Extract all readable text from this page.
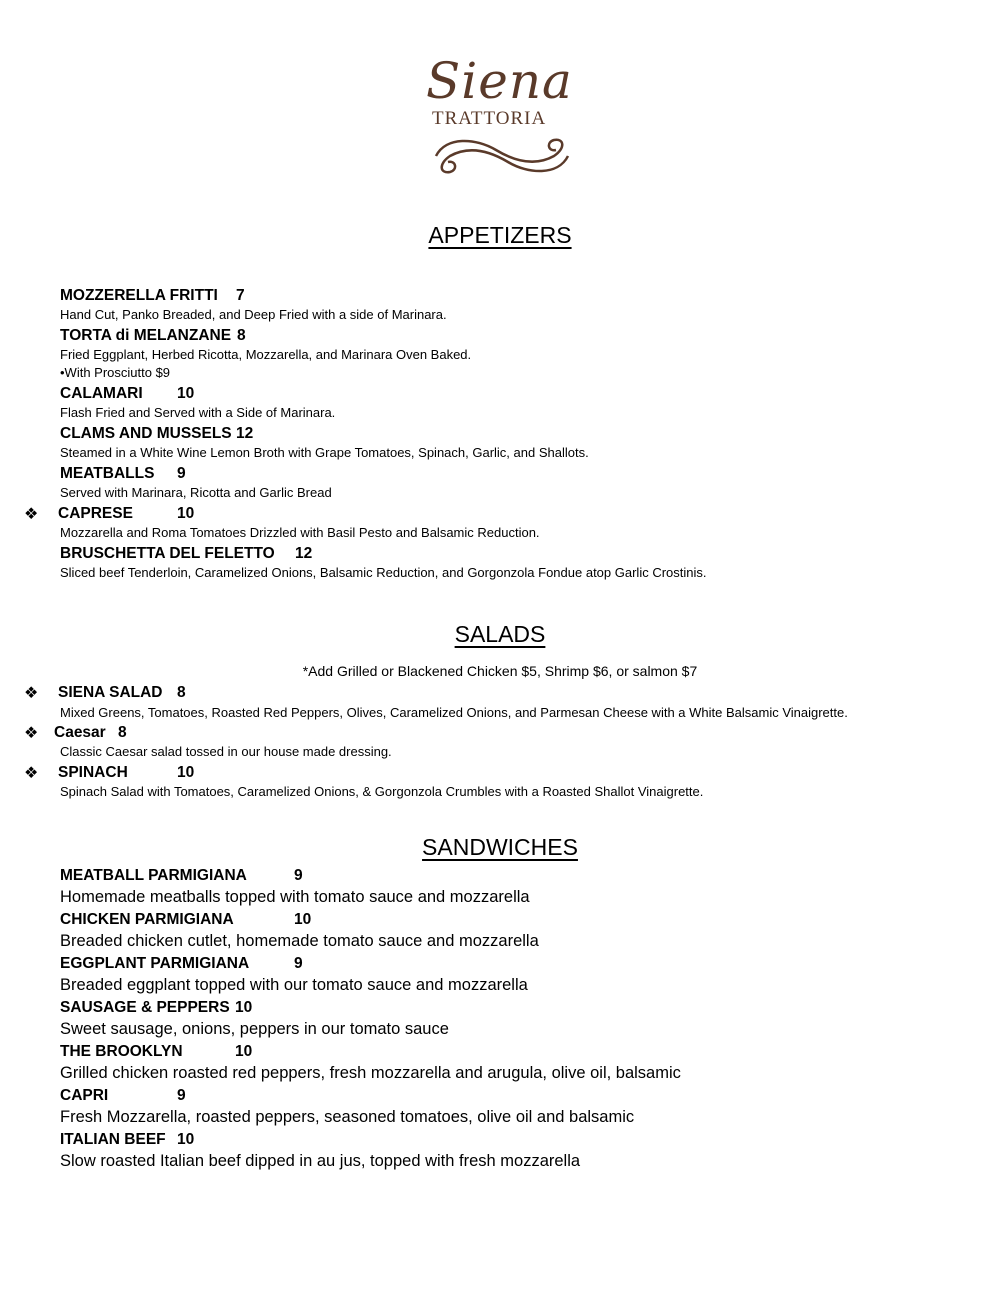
Siena
TRATTORIA
APPETIZERS
MOZZERELLA FRITTI 7
Hand Cut, Panko Breaded, and Deep Fried with a side of Marinara.
TORTA di MELANZANE 8
Fried Eggplant, Herbed Ricotta, Mozzarella, and Marinara Oven Baked.
•With Prosciutto $9
CALAMARI 10
Flash Fried and Served with a Side of Marinara.
CLAMS AND MUSSELS 12
Steamed in a White Wine Lemon Broth with Grape Tomatoes, Spinach, Garlic, and Shallots.
MEATBALLS 9
Served with Marinara, Ricotta and Garlic Bread
❖ CAPRESE	10
Mozzarella and Roma Tomatoes Drizzled with Basil Pesto and Balsamic Reduction.
BRUSCHETTA DEL FELETTO 12
Sliced beef Tenderloin, Caramelized Onions, Balsamic Reduction, and Gorgonzola Fondue atop Garlic Crostinis.
SALADS
*Add Grilled or Blackened Chicken $5, Shrimp $6, or salmon $7
❖ SIENA SALAD 8
Mixed Greens, Tomatoes, Roasted Red Peppers, Olives, Caramelized Onions, and Parmesan Cheese with a White Balsamic Vinaigrette.
❖ Caesar 8
Classic Caesar salad tossed in our house made dressing.
❖ SPINACH	10
Spinach Salad with Tomatoes, Caramelized Onions, & Gorgonzola Crumbles with a Roasted Shallot Vinaigrette.
SANDWICHES
MEATBALL PARMIGIANA	9
Homemade meatballs topped with tomato sauce and mozzarella
CHICKEN PARMIGIANA	10
Breaded chicken cutlet, homemade tomato sauce and mozzarella
EGGPLANT PARMIGIANA	9
Breaded eggplant topped with our tomato sauce and mozzarella
SAUSAGE & PEPPERS 10
Sweet sausage, onions, peppers in our tomato sauce
THE BROOKLYN	10
Grilled chicken roasted red peppers, fresh mozzarella and arugula, olive oil, balsamic
CAPRI	9
Fresh Mozzarella, roasted peppers, seasoned tomatoes, olive oil and balsamic
ITALIAN BEEF 10
Slow roasted Italian beef dipped in au jus, topped with fresh mozzarella
